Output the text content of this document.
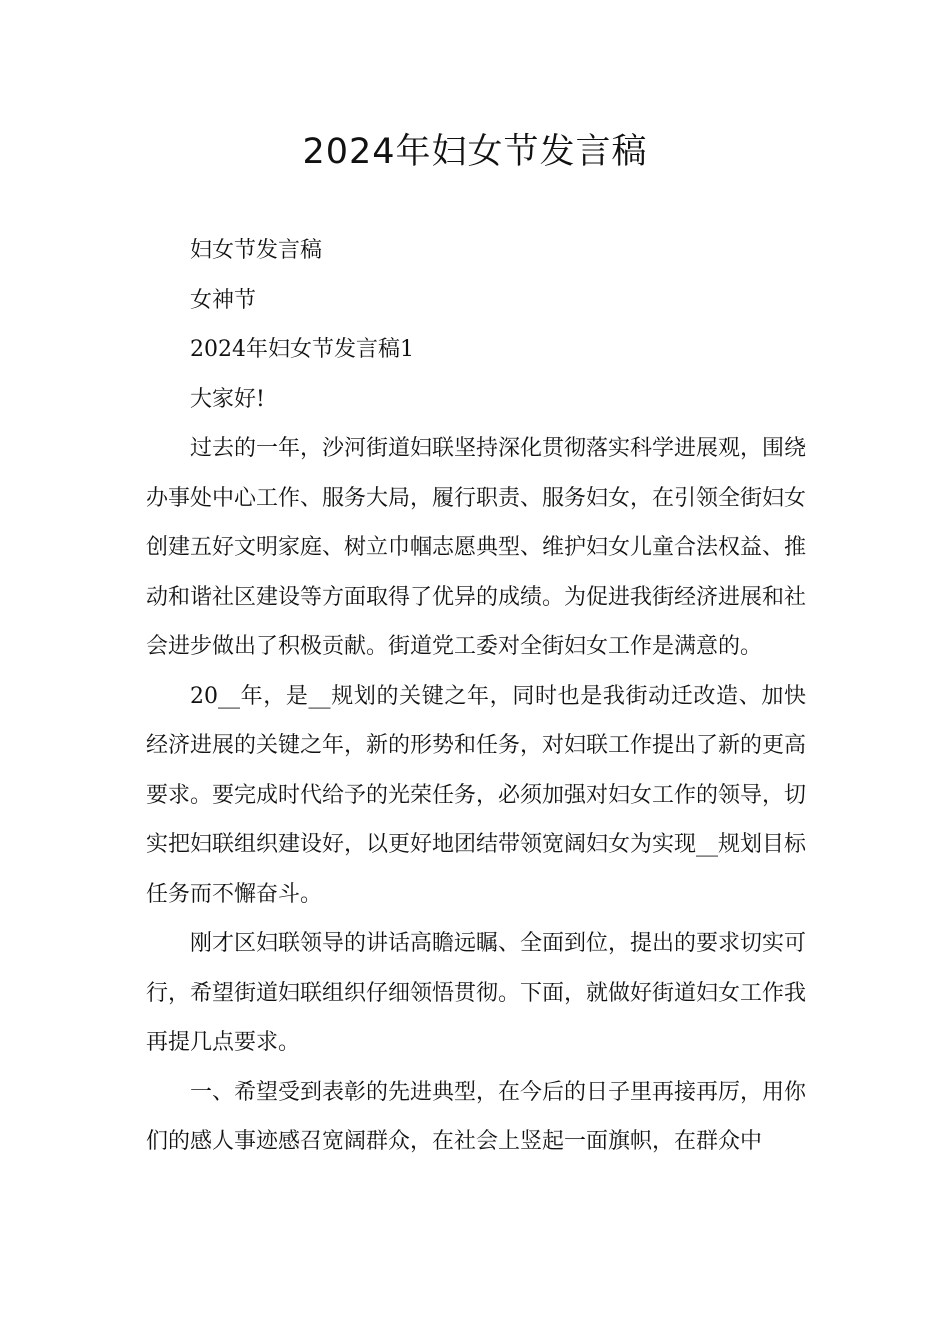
2024年妇女节发言稿

妇女节发言稿

女神节

2024年妇女节发言稿1

大家好!

过去的一年，沙河街道妇联坚持深化贯彻落实科学进展观，围绕办事处中心工作、服务大局，履行职责、服务妇女，在引领全街妇女创建五好文明家庭、树立巾帼志愿典型、维护妇女儿童合法权益、推动和谐社区建设等方面取得了优异的成绩。为促进我街经济进展和社会进步做出了积极贡献。街道党工委对全街妇女工作是满意的。

20__年，是__规划的关键之年，同时也是我街动迁改造、加快经济进展的关键之年，新的形势和任务，对妇联工作提出了新的更高要求。要完成时代给予的光荣任务，必须加强对妇女工作的领导，切实把妇联组织建设好，以更好地团结带领宽阔妇女为实现__规划目标任务而不懈奋斗。

刚才区妇联领导的讲话高瞻远瞩、全面到位，提出的要求切实可行，希望街道妇联组织仔细领悟贯彻。下面，就做好街道妇女工作我再提几点要求。

一、希望受到表彰的先进典型，在今后的日子里再接再厉，用你们的感人事迹感召宽阔群众，在社会上竖起一面旗帜，在群众中
